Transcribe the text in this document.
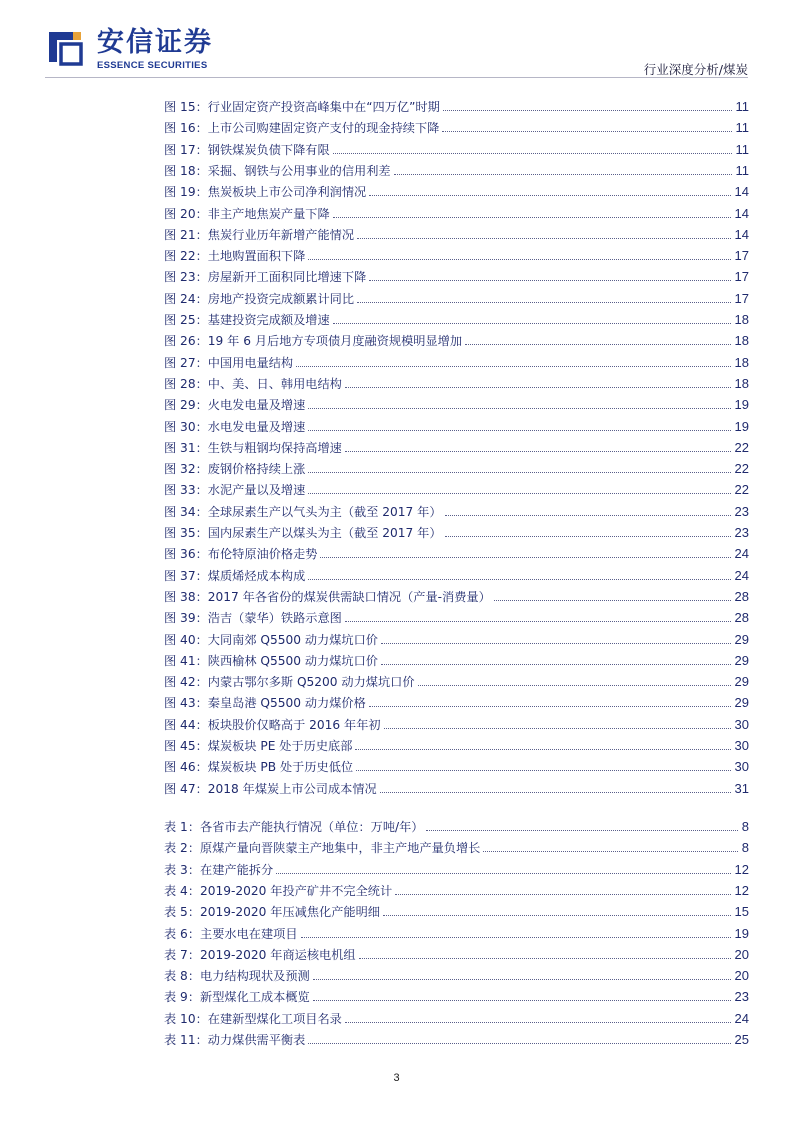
安信证券
ESSENCE SECURITIES	行业深度分析/煤炭
图 15：行业固定资产投资高峰集中在“四万亿”时期	11
图 16：上市公司购建固定资产支付的现金持续下降	11
图 17：钢铁煤炭负债下降有限	11
图 18：采掘、钢铁与公用事业的信用利差	11
图 19：焦炭板块上市公司净利润情况	14
图 20：非主产地焦炭产量下降	14
图 21：焦炭行业历年新增产能情况	14
图 22：土地购置面积下降	17
图 23：房屋新开工面积同比增速下降	17
图 24：房地产投资完成额累计同比	17
图 25：基建投资完成额及增速	18
图 26：19 年 6 月后地方专项债月度融资规模明显增加	18
图 27：中国用电量结构	18
图 28：中、美、日、韩用电结构	18
图 29：火电发电量及增速	19
图 30：水电发电量及增速	19
图 31：生铁与粗钢均保持高增速	22
图 32：废钢价格持续上涨	22
图 33：水泥产量以及增速	22
图 34：全球尿素生产以气头为主（截至 2017 年）	23
图 35：国内尿素生产以煤头为主（截至 2017 年）	23
图 36：布伦特原油价格走势	24
图 37：煤质烯烃成本构成	24
图 38：2017 年各省份的煤炭供需缺口情况（产量-消费量）	28
图 39：浩吉（蒙华）铁路示意图	28
图 40：大同南郊 Q5500 动力煤坑口价	29
图 41：陕西榆林 Q5500 动力煤坑口价	29
图 42：内蒙古鄂尔多斯 Q5200 动力煤坑口价	29
图 43：秦皇岛港 Q5500 动力煤价格	29
图 44：板块股价仅略高于 2016 年年初	30
图 45：煤炭板块 PE 处于历史底部	30
图 46：煤炭板块 PB 处于历史低位	30
图 47：2018 年煤炭上市公司成本情况	31
表 1：各省市去产能执行情况（单位：万吨/年）	8
表 2：原煤产量向晋陕蒙主产地集中，非主产地产量负增长	8
表 3：在建产能拆分	12
表 4：2019-2020 年投产矿井不完全统计	12
表 5：2019-2020 年压减焦化产能明细	15
表 6：主要水电在建项目	19
表 7：2019-2020 年商运核电机组	20
表 8：电力结构现状及预测	20
表 9：新型煤化工成本概览	23
表 10：在建新型煤化工项目名录	24
表 11：动力煤供需平衡表	25
3
